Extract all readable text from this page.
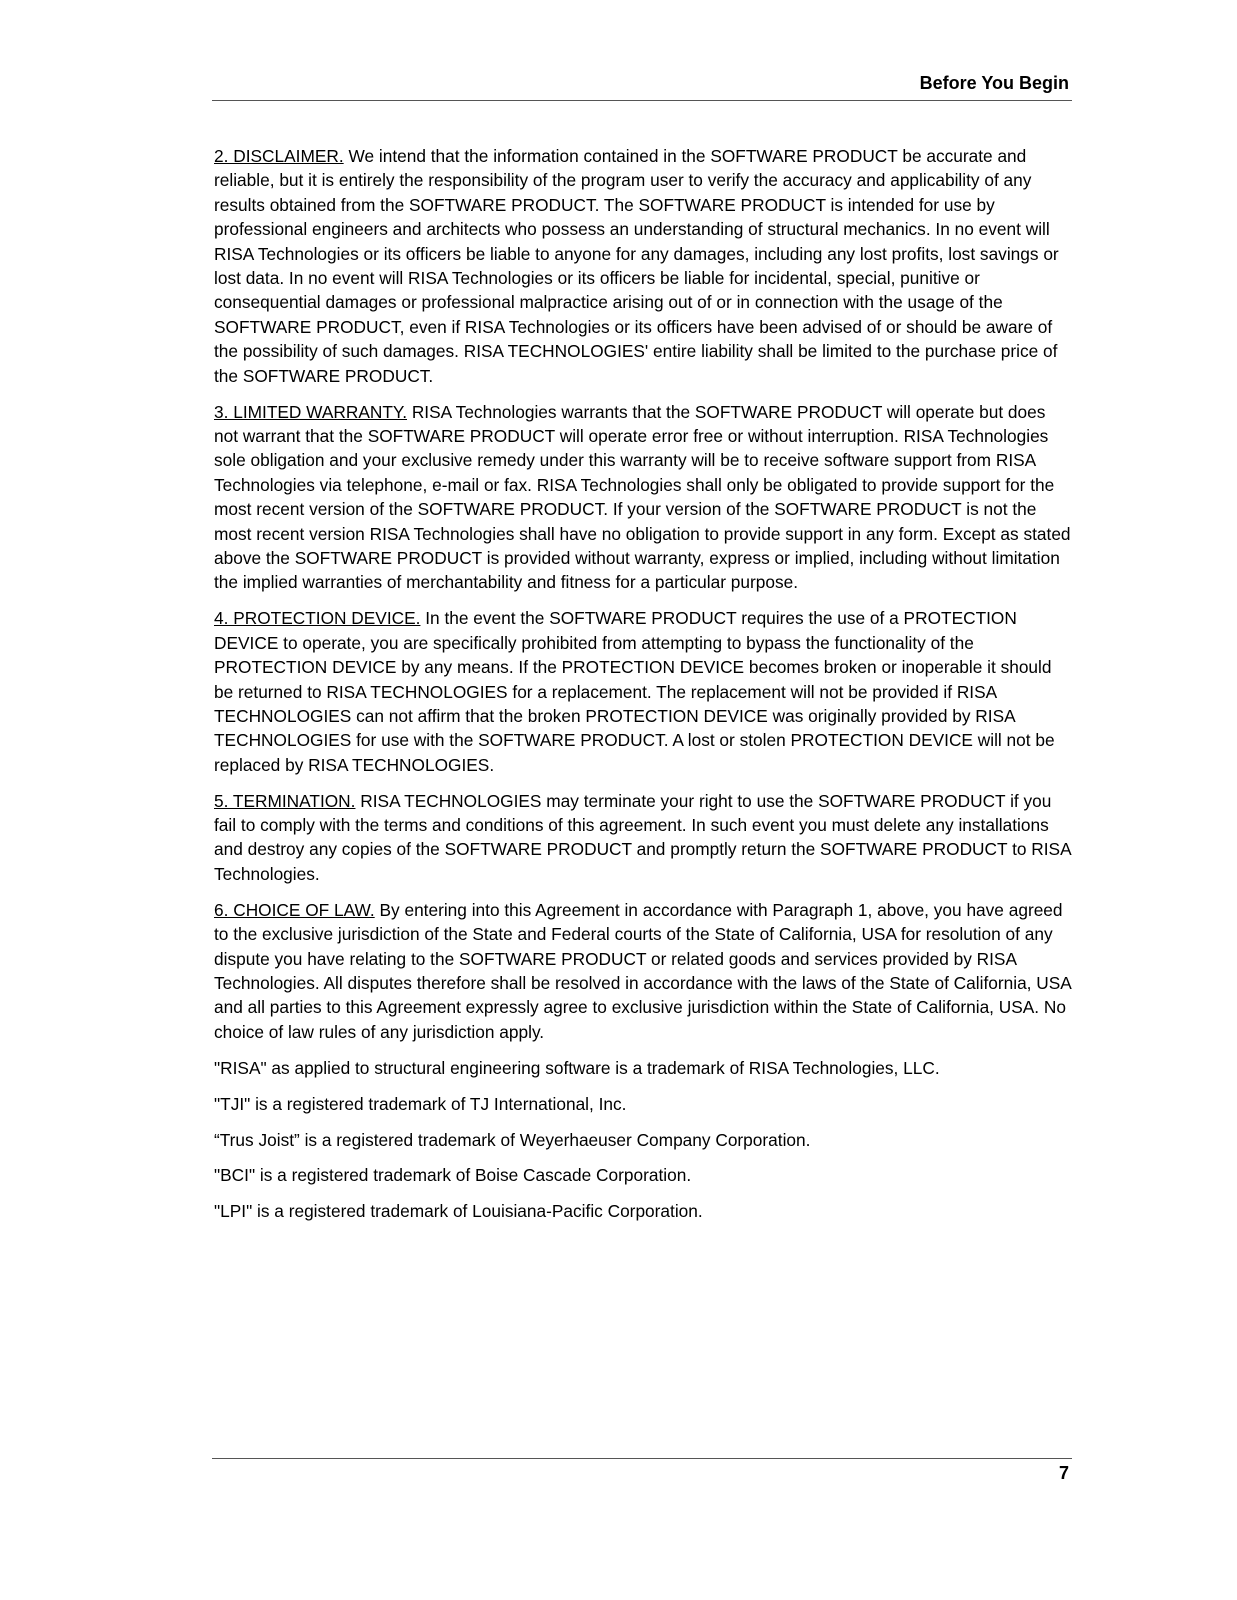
Before You Begin

2. DISCLAIMER. We intend that the information contained in the SOFTWARE PRODUCT be accurate and reliable, but it is entirely the responsibility of the program user to verify the accuracy and applicability of any results obtained from the SOFTWARE PRODUCT. The SOFTWARE PRODUCT is intended for use by professional engineers and architects who possess an understanding of structural mechanics. In no event will RISA Technologies or its officers be liable to anyone for any damages, including any lost profits, lost savings or lost data. In no event will RISA Technologies or its officers be liable for incidental, special, punitive or consequential damages or professional malpractice arising out of or in connection with the usage of the SOFTWARE PRODUCT, even if RISA Technologies or its officers have been advised of or should be aware of the possibility of such damages. RISA TECHNOLOGIES' entire liability shall be limited to the purchase price of the SOFTWARE PRODUCT.

3. LIMITED WARRANTY. RISA Technologies warrants that the SOFTWARE PRODUCT will operate but does not warrant that the SOFTWARE PRODUCT will operate error free or without interruption. RISA Technologies sole obligation and your exclusive remedy under this warranty will be to receive software support from RISA Technologies via telephone, e-mail or fax. RISA Technologies shall only be obligated to provide support for the most recent version of the SOFTWARE PRODUCT. If your version of the SOFTWARE PRODUCT is not the most recent version RISA Technologies shall have no obligation to provide support in any form. Except as stated above the SOFTWARE PRODUCT is provided without warranty, express or implied, including without limitation the implied warranties of merchantability and fitness for a particular purpose.

4. PROTECTION DEVICE. In the event the SOFTWARE PRODUCT requires the use of a PROTECTION DEVICE to operate, you are specifically prohibited from attempting to bypass the functionality of the PROTECTION DEVICE by any means. If the PROTECTION DEVICE becomes broken or inoperable it should be returned to RISA TECHNOLOGIES for a replacement. The replacement will not be provided if RISA TECHNOLOGIES can not affirm that the broken PROTECTION DEVICE was originally provided by RISA TECHNOLOGIES for use with the SOFTWARE PRODUCT. A lost or stolen PROTECTION DEVICE will not be replaced by RISA TECHNOLOGIES.

5. TERMINATION. RISA TECHNOLOGIES may terminate your right to use the SOFTWARE PRODUCT if you fail to comply with the terms and conditions of this agreement. In such event you must delete any installations and destroy any copies of the SOFTWARE PRODUCT and promptly return the SOFTWARE PRODUCT to RISA Technologies.

6. CHOICE OF LAW. By entering into this Agreement in accordance with Paragraph 1, above, you have agreed to the exclusive jurisdiction of the State and Federal courts of the State of California, USA for resolution of any dispute you have relating to the SOFTWARE PRODUCT or related goods and services provided by RISA Technologies. All disputes therefore shall be resolved in accordance with the laws of the State of California, USA and all parties to this Agreement expressly agree to exclusive jurisdiction within the State of California, USA. No choice of law rules of any jurisdiction apply.

"RISA" as applied to structural engineering software is a trademark of RISA Technologies, LLC.

"TJI" is a registered trademark of TJ International, Inc.

“Trus Joist” is a registered trademark of Weyerhaeuser Company Corporation.

"BCI" is a registered trademark of Boise Cascade Corporation.

"LPI" is a registered trademark of Louisiana-Pacific Corporation.

7
